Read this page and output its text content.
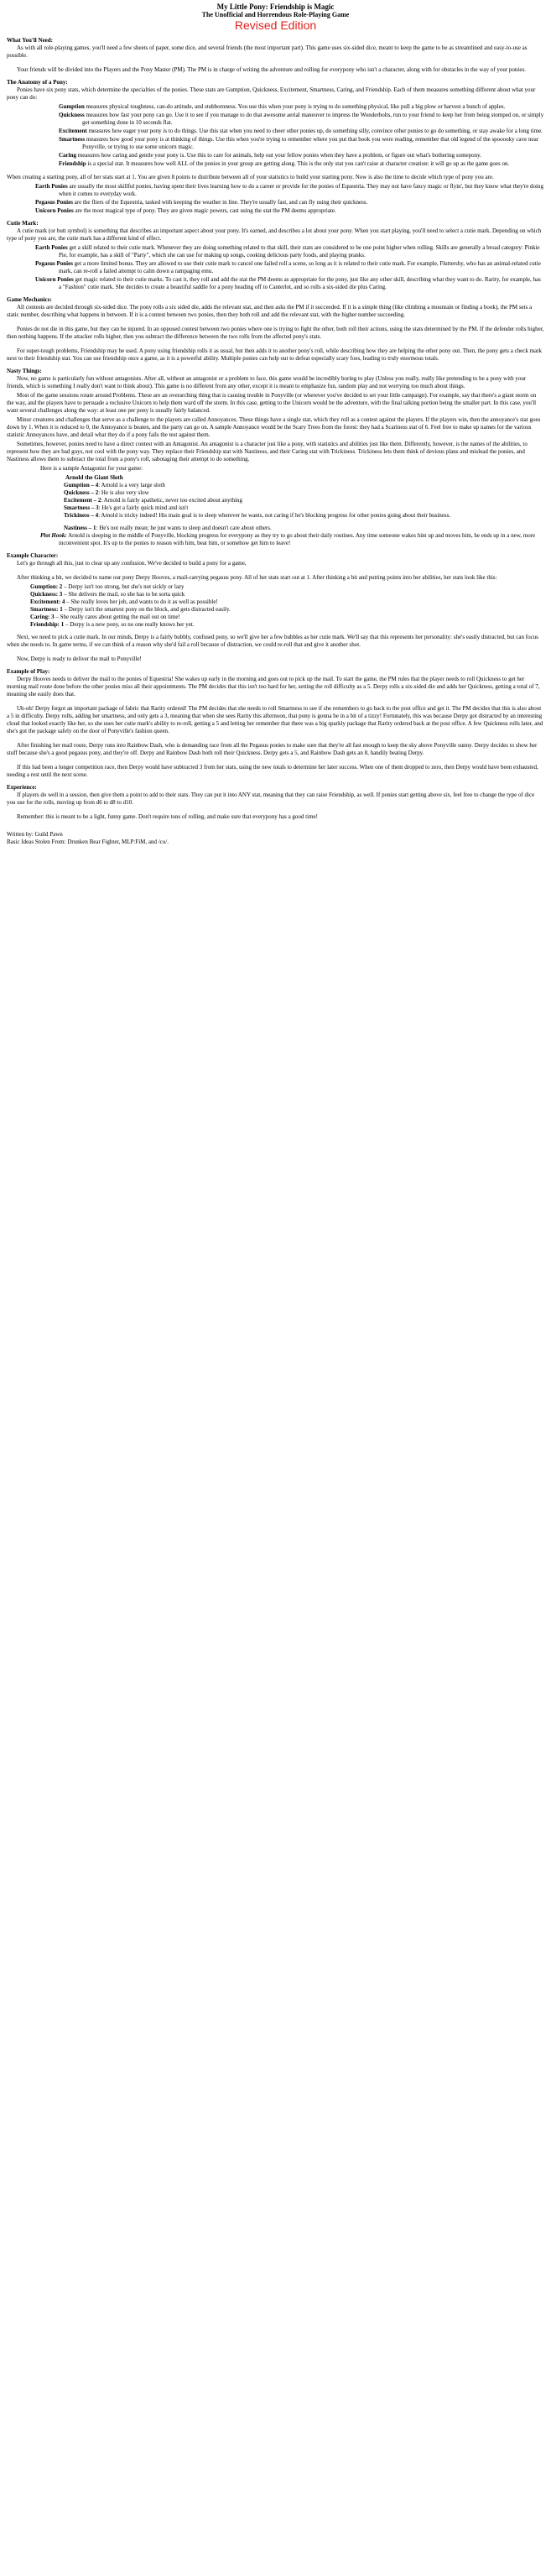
My Little Pony: Friendship is Magic
The Unofficial and Horrendous Role-Playing Game
Revised Edition
What You'll Need:

As with all role-playing games, you'll need a few sheets of paper, some dice, and several friends (the most important part). This game uses six-sided dice, meant to keep the game to be as streamlined and easy-to-use as possible.

Your friends will be divided into the Players and the Pony Master (PM). The PM is in charge of writing the adventure and rolling for everypony who isn't a character, along with for obstacles in the way of your ponies.

The Anatomy of a Pony:

Ponies have six pony stats, which determine the specialties of the ponies. These stats are Gumption, Quickness, Excitement, Smartness, Caring, and Friendship. Each of them measures something different about what your pony can do:

Gumption measures physical toughness, can-do attitude, and stubbornness. You use this when your pony is trying to do something physical, like pull a big plow or harvest a bunch of apples.

Quickness measures how fast your pony can go. Use it to see if you manage to do that awesome aerial maneuver to impress the Wonderbolts, run to your friend to keep her from being stomped on, or simply get something done in 10 seconds flat.

Excitement measures how eager your pony is to do things. Use this stat when you need to cheer other ponies up, do something silly, convince other ponies to go do something, or stay awake for a long time.

Smartness measures how good your pony is at thinking of things. Use this when you're trying to remember where you put that book you were reading, remember that old legend of the spooooky cave near Ponyville, or trying to use some unicorn magic.

Caring measures how caring and gentle your pony is. Use this to care for animals, help out your fellow ponies when they have a problem, or figure out what's bothering somepony.

Friendship is a special stat. It measures how well ALL of the ponies in your group are getting along. This is the only stat you can't raise at character creation: it will go up as the game goes on.

When creating a starting pony, all of her stats start at 1. You are given 8 points to distribute between all of your statistics to build your starting pony. Now is also the time to decide which type of pony you are.

Earth Ponies are usually the most skillful ponies, having spent their lives learning how to do a career or provide for the ponies of Equestria. They may not have fancy magic or flyin', but they know what they're doing when it comes to everyday work.

Pegasus Ponies are the fliers of the Equestria, tasked with keeping the weather in line. They're usually fast, and can fly using their quickness.

Unicorn Ponies are the most magical type of pony. They are given magic powers, cast using the stat the PM deems appropriate.

Cutie Mark:

A cutie mark (or butt symbol) is something that describes an important aspect about your pony. It's earned, and describes a lot about your pony. When you start playing, you'll need to select a cutie mark. Depending on which type of pony you are, the cutie mark has a different kind of effect.

Earth Ponies get a skill related to their cutie mark. Whenever they are doing something related to that skill, their stats are considered to be one point higher when rolling. Skills are generally a broad category: Pinkie Pie, for example, has a skill of "Party", which she can use for making up songs, cooking delicious party foods, and playing pranks.

Pegasus Ponies get a more limited bonus. They are allowed to use their cutie mark to cancel one failed roll a scene, so long as it is related to their cutie mark. For example, Fluttershy, who has an animal-related cutie mark, can re-roll a failed attempt to calm down a rampaging emu.

Unicorn Ponies get magic related to their cutie marks. To cast it, they roll and add the stat the PM deems as appropriate for the pony, just like any other skill, describing what they want to do. Rarity, for example, has a "Fashion" cutie mark. She decides to create a beautiful saddle for a pony heading off to Canterlot, and so rolls a six-sided die plus Caring.

Game Mechanics:

All contests are decided through six-sided dice. The pony rolls a six sided die, adds the relevant stat, and then asks the PM if it succeeded. If it is a simple thing (like climbing a mountain or finding a book), the PM sets a static number, describing what happens in between. If it is a contest between two ponies, then they both roll and add the relevant stat, with the higher number succeeding.

Ponies do not die in this game, but they can be injured. In an opposed contest between two ponies where one is trying to fight the other, both roll their actions, using the stats determined by the PM. If the defender rolls higher, then nothing happens. If the attacker rolls higher, then you subtract the difference between the two rolls from the affected pony's stats.

For super-tough problems, Friendship may be used. A pony using friendship rolls it as usual, but then adds it to another pony's roll, while describing how they are helping the other pony out. Then, the pony gets a check mark next to their friendship stat. You can use friendship once a game, as it is a powerful ability. Multiple ponies can help out to defeat especially scary foes, leading to truly enormous totals.

Nasty Things:

Now, no game is particularly fun without antagonists. After all, without an antagonist or a problem to face, this game would be incredibly boring to play (Unless you really, really like pretending to be a pony with your friends, which is something I really don't want to think about). This game is no different from any other, except it is meant to emphasize fun, random play and not worrying too much about things.

Most of the game sessions rotate around Problems. These are an overarching thing that is causing trouble in Ponyville (or wherever you've decided to set your little campaign). For example, say that there's a giant storm on the way, and the players have to persuade a reclusive Unicorn to help them ward off the storm. In this case, getting to the Unicorn would be the adventure, with the final talking portion being the smaller part. In this case, you'll want several challenges along the way: at least one per pony is usually fairly balanced.

Minor creatures and challenges that serve as a challenge to the players are called Annoyances. These things have a single stat, which they roll as a contest against the players. If the players win, then the annoyance's stat goes down by 1. When it is reduced to 0, the Annoyance is beaten, and the party can go on. A sample Annoyance would be the Scary Trees from the forest: they had a Scariness stat of 6. Feel free to make up names for the various statistic Annoyances have, and detail what they do if a pony fails the test against them.

Sometimes, however, ponies need to have a direct contest with an Antagonist. An antagonist is a character just like a pony, with statistics and abilities just like them. Differently, however, is the names of the abilities, to represent how they are bad guys, not cool with the pony way. They replace their Friendship stat with Nastiness, and their Caring stat with Trickiness. Trickiness lets them think of devious plans and mislead the ponies, and Nastiness allows them to subtract the total from a pony's roll, sabotaging their attempt to do something.

Here is a sample Antagonist for your game:

Arnold the Giant Sloth

Gumption – 4: Arnold is a very large sloth

Quickness – 2: He is also very slow

Excitement – 2: Arnold is fairly apathetic, never too excited about anything

Smartness – 3: He's got a fairly quick mind and isn't

Trickiness – 4: Arnold is tricky indeed! His main goal is to sleep wherever he wants, not caring if he's blocking progress for other ponies going about their business.

Nastiness – 1: He's not really mean; he just wants to sleep and doesn't care about others.

Plot Hook: Arnold is sleeping in the middle of Ponyville, blocking progress for everypony as they try to go about their daily routines. Any time someone wakes him up and moves him, he ends up in a new, more inconvenient spot. It's up to the ponies to reason with him, beat him, or somehow get him to leave!

Example Character:

Let's go through all this, just to clear up any confusion. We've decided to build a pony for a game,

After thinking a bit, we decided to name our pony Derpy Hooves, a mail-carrying pegasus pony. All of her stats start out at 1. After thinking a bit and putting points into her abilities, her stats look like this:

Gumption: 2 – Derpy isn't too strong, but she's not sickly or lazy

Quickness: 3 – She delivers the mail, so she has to be sorta quick

Excitement: 4 – She really loves her job, and wants to do it as well as possible!

Smartness: 1 – Derpy isn't the smartest pony on the block, and gets distracted easily.

Caring: 3 – She really cares about getting the mail out on time!

Friendship: 1 – Derpy is a new pony, so no one really knows her yet.

Next, we need to pick a cutie mark. In our minds, Derpy is a fairly bubbly, confused pony, so we'll give her a few bubbles as her cutie mark. We'll say that this represents her personality: she's easily distracted, but can focus when she needs to. In game terms, if we can think of a reason why she'd fail a roll because of distraction, we could re-roll that and give it another shot.

Now, Derpy is ready to deliver the mail to Ponyville!

Example of Play:

Derpy Hooves needs to deliver the mail to the ponies of Equestria! She wakes up early in the morning and goes out to pick up the mail. To start the game, the PM rules that the player needs to roll Quickness to get her morning mail route done before the other ponies miss all their appointments. The PM decides that this isn't too hard for her, setting the roll difficulty as a 5. Derpy rolls a six-sided die and adds her Quickness, getting a total of 7, meaning she easily does that.

Uh-oh! Derpy forgot an important package of fabric that Rarity ordered! The PM decides that she needs to roll Smartness to see if she remembers to go back to the post office and get it. The PM decides that this is also about a 5 in difficulty. Derpy rolls, adding her smartness, and only gets a 3, meaning that when she sees Rarity this afternoon, that pony is gonna be in a bit of a tizzy! Fortunately, this was because Derpy got distracted by an interesting cloud that looked exactly like her, so she uses her cutie mark's ability to re-roll, getting a 5 and letting her remember that there was a big sparkly package that Rarity ordered back at the post office. A few Quickness rolls later, and she's got the package safely on the door of Ponyville's fashion queen.

After finishing her mail route, Derpy runs into Rainbow Dash, who is demanding race from all the Pegasus ponies to make sure that they're all fast enough to keep the sky above Ponyville sunny. Derpy decides to show her stuff because she's a good pegasus pony, and they're off. Derpy and Rainbow Dash both roll their Quickness. Derpy gets a 5, and Rainbow Dash gets an 8, handily beating Derpy.

If this had been a longer competition race, then Derpy would have subtracted 3 from her stats, using the new totals to determine her later success. When one of them dropped to zero, then Derpy would have been exhausted, needing a rest until the next scene.

Experience:

If players do well in a session, then give them a point to add to their stats. They can put it into ANY stat, meaning that they can raise Friendship, as well. If ponies start getting above six, feel free to change the type of dice you use for the rolls, moving up from d6 to d8 to d10.

Remember: this is meant to be a light, funny game. Don't require tons of rolling, and make sure that everypony has a good time!

Written by: Guild Pawn

Basic Ideas Stolen From: Drunken Bear Fighter, MLP:FiM, and /co/.
